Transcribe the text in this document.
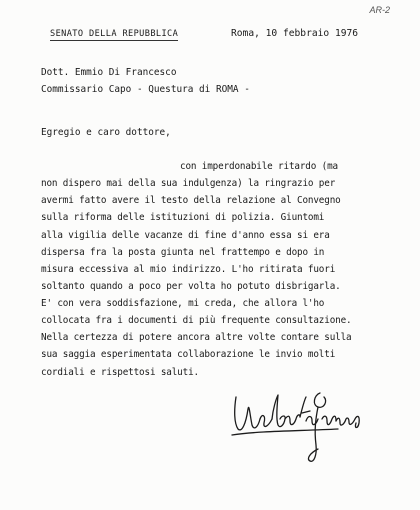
AR-2
SENATO DELLA REPUBBLICA	Roma, 10 febbraio 1976
Dott. Emmio Di Francesco
Commissario Capo - Questura di ROMA -
Egregio e caro dottore,
con imperdonabile ritardo (ma
non dispero mai della sua indulgenza) la ringrazio per
avermi fatto avere il testo della relazione al Convegno
sulla riforma delle istituzioni di polizia. Giuntomi
alla vigilia delle vacanze di fine d'anno essa si era
dispersa fra la posta giunta nel frattempo e dopo in
misura eccessiva al mio indirizzo. L'ho ritirata fuori
soltanto quando a poco per volta ho potuto disbrigarla.
E' con vera soddisfazione, mi creda, che allora l'ho
collocata fra i documenti di più frequente consultazione.
Nella certezza di potere ancora altre volte contare sulla
sua saggia esperimentata collaborazione le invio molti
cordiali e rispettosi saluti.
